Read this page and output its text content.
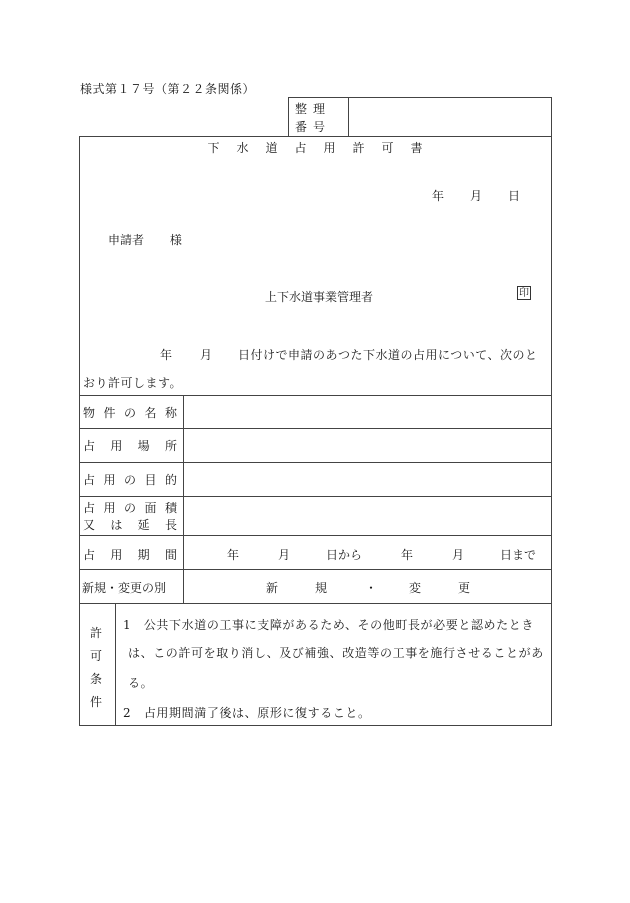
様式第１７号（第２２条関係）
整理番号
下水道占用許可書
年 月 日
申請者 様
上下水道事業管理者	印
年 月 日付けで申請のあつた下水道の占用について、次のと
おり許可します。
物 件 の 名 称
占 用 場 所
占 用 の 目 的
占 用 の 面 積
又 は 延 長
占 用 期 間	年	月	日から	年	月	日まで
新規・変更の別	新	規	・	変	更
許
可
条
件
1　公共下水道の工事に支障があるため、その他町長が必要と認めたとき
は、この許可を取り消し、及び補強、改造等の工事を施行させることがあ
る。
2　占用期間満了後は、原形に復すること。
